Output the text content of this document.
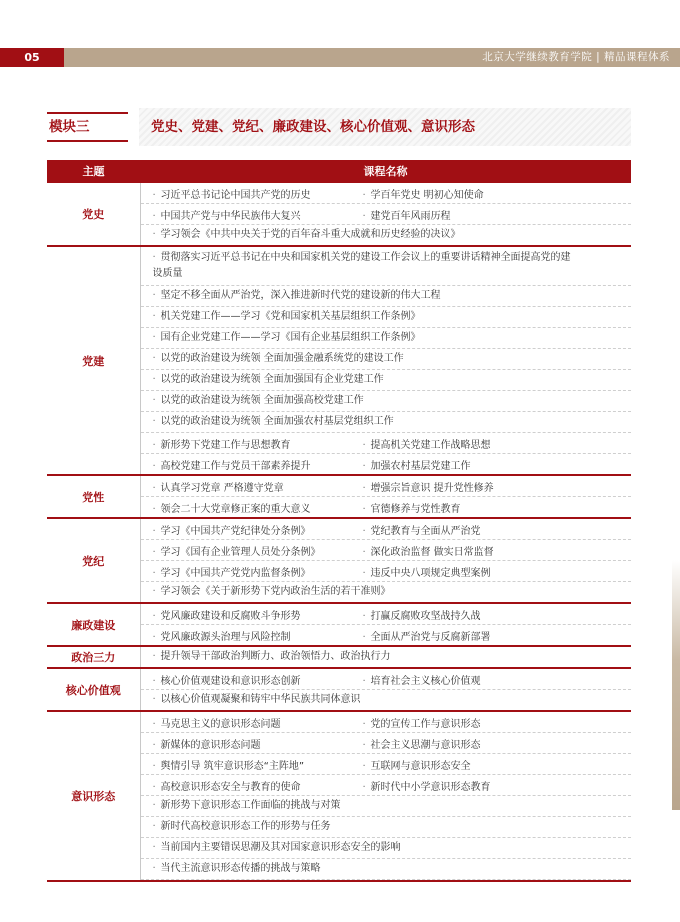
05	北京大学继续教育学院 | 精品课程体系
模块三	党史、党建、党纪、廉政建设、核心价值观、意识形态
主题	课程名称
党史	· 习近平总书记论中国共产党的历史 · 学百年党史 明初心知使命
	· 中国共产党与中华民族伟大复兴 · 建党百年风雨历程

	· 学习领会《中共中央关于党的百年奋斗重大成就和历史经验的决议》

党建	· 贯彻落实习近平总书记在中央和国家机关党的建设工作会议上的重要讲话精神全面提高党的建设质量

	· 坚定不移全面从严治党，深入推进新时代党的建设新的伟大工程

	· 机关党建工作——学习《党和国家机关基层组织工作条例》

	· 国有企业党建工作——学习《国有企业基层组织工作条例》

	· 以党的政治建设为统领 全面加强金融系统党的建设工作

	· 以党的政治建设为统领 全面加强国有企业党建工作

	· 以党的政治建设为统领 全面加强高校党建工作

	· 以党的政治建设为统领 全面加强农村基层党组织工作

	· 新形势下党建工作与思想教育 · 提高机关党建工作战略思想
	· 高校党建工作与党员干部素养提升 · 加强农村基层党建工作
党性	· 认真学习党章 严格遵守党章 · 增强宗旨意识 提升党性修养
	· 领会二十大党章修正案的重大意义 · 官德修养与党性教育
党纪	· 学习《中国共产党纪律处分条例》 · 党纪教育与全面从严治党
	· 学习《国有企业管理人员处分条例》 · 深化政治监督 做实日常监督
	· 学习《中国共产党党内监督条例》 · 违反中央八项规定典型案例

	· 学习领会《关于新形势下党内政治生活的若干准则》

廉政建设	· 党风廉政建设和反腐败斗争形势 · 打赢反腐败攻坚战持久战
	· 党风廉政源头治理与风险控制 · 全面从严治党与反腐新部署
政治三力	· 提升领导干部政治判断力、政治领悟力、政治执行力

核心价值观	· 核心价值观建设和意识形态创新 · 培育社会主义核心价值观

	· 以核心价值观凝聚和铸牢中华民族共同体意识

意识形态	· 马克思主义的意识形态问题 · 党的宣传工作与意识形态
	· 新媒体的意识形态问题 · 社会主义思潮与意识形态
	· 舆情引导 筑牢意识形态“主阵地” · 互联网与意识形态安全
	· 高校意识形态安全与教育的使命 · 新时代中小学意识形态教育

	· 新形势下意识形态工作面临的挑战与对策

	· 新时代高校意识形态工作的形势与任务

	· 当前国内主要错误思潮及其对国家意识形态安全的影响

	· 当代主流意识形态传播的挑战与策略
